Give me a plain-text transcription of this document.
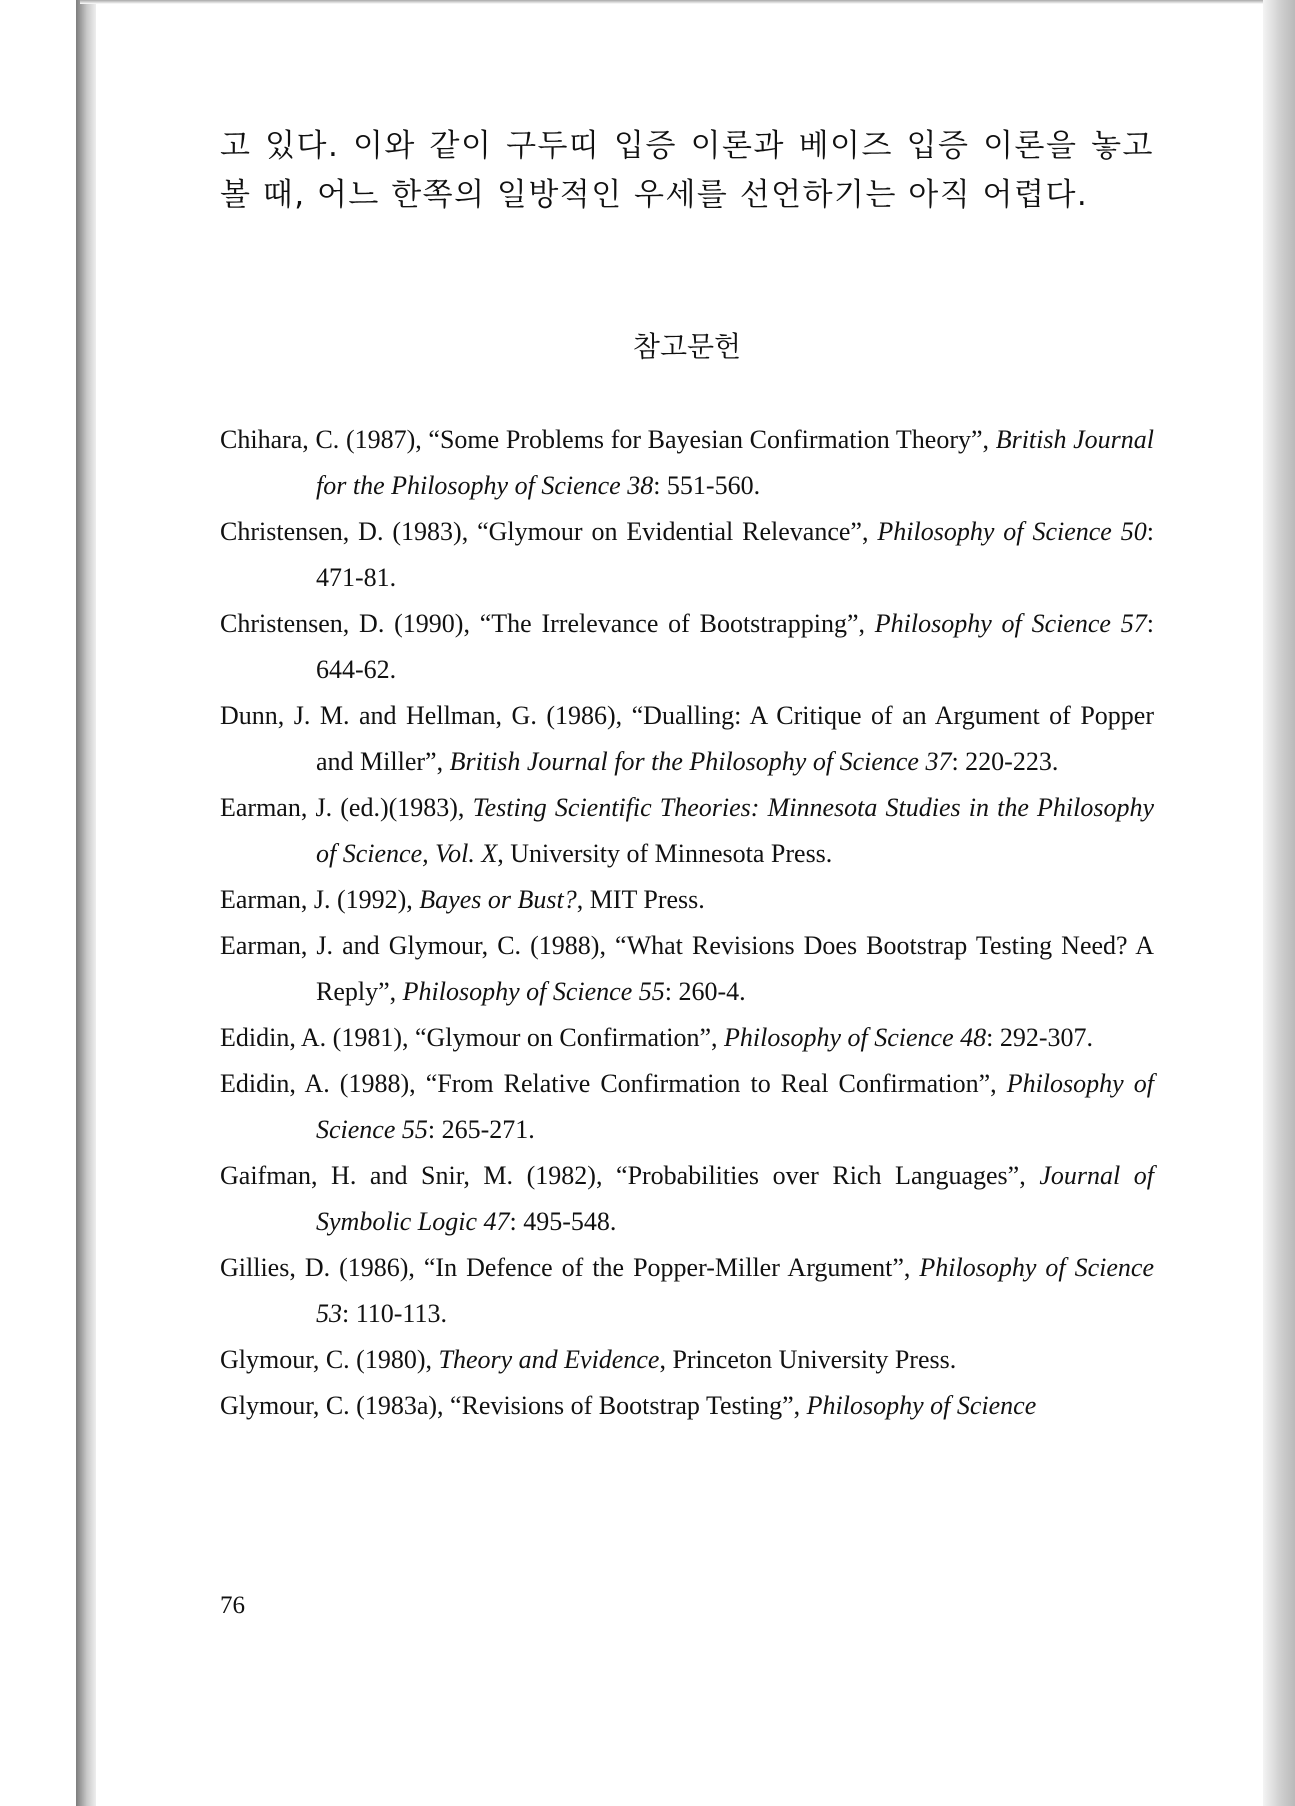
고 있다. 이와 같이 구두띠 입증 이론과 베이즈 입증 이론을 놓고 볼 때, 어느 한쪽의 일방적인 우세를 선언하기는 아직 어렵다.

참고문헌
Chihara, C. (1987), “Some Problems for Bayesian Confirmation Theory”, British Journal for the Philosophy of Science 38: 551-560.
Christensen, D. (1983), “Glymour on Evidential Relevance”, Philosophy of Science 50: 471-81.
Christensen, D. (1990), “The Irrelevance of Bootstrapping”, Philosophy of Science 57: 644-62.
Dunn, J. M. and Hellman, G. (1986), “Dualling: A Critique of an Argument of Popper and Miller”, British Journal for the Philosophy of Science 37: 220-223.
Earman, J. (ed.)(1983), Testing Scientific Theories: Minnesota Studies in the Philosophy of Science, Vol. X, University of Minnesota Press.
Earman, J. (1992), Bayes or Bust?, MIT Press.
Earman, J. and Glymour, C. (1988), “What Revisions Does Bootstrap Testing Need? A Reply”, Philosophy of Science 55: 260-4.
Edidin, A. (1981), “Glymour on Confirmation”, Philosophy of Science 48: 292-307.
Edidin, A. (1988), “From Relative Confirmation to Real Confirmation”, Philosophy of Science 55: 265-271.
Gaifman, H. and Snir, M. (1982), “Probabilities over Rich Languages”, Journal of Symbolic Logic 47: 495-548.
Gillies, D. (1986), “In Defence of the Popper-Miller Argument”, Philosophy of Science 53: 110-113.
Glymour, C. (1980), Theory and Evidence, Princeton University Press.
Glymour, C. (1983a), “Revisions of Bootstrap Testing”, Philosophy of Science

76
